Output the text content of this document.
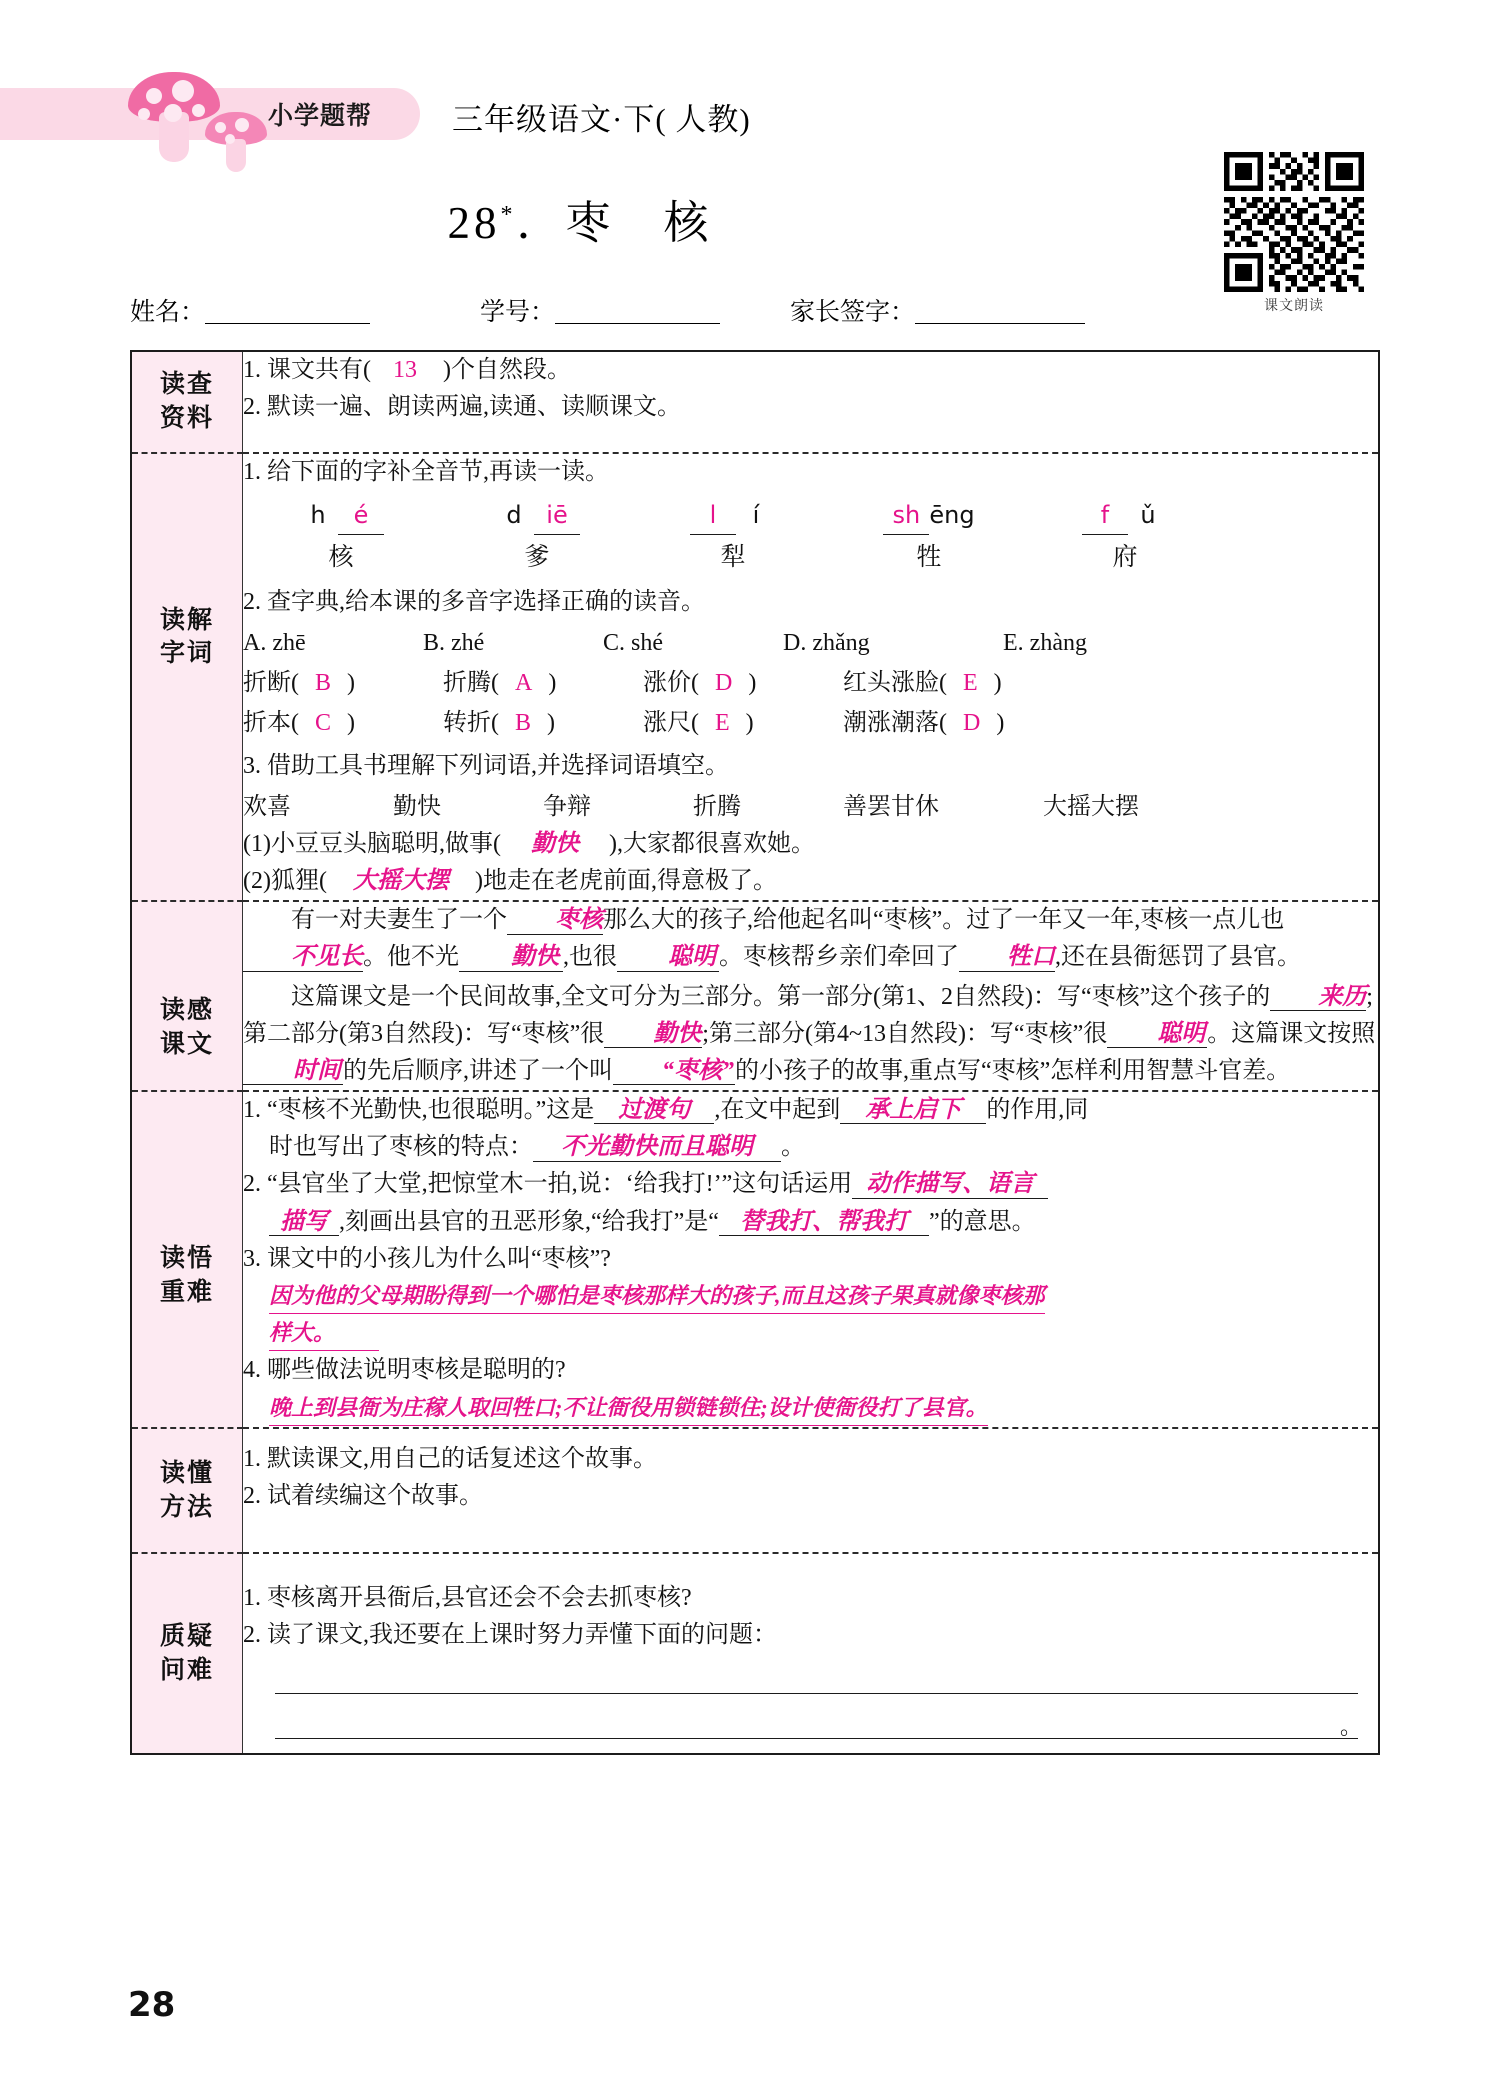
小学题帮	三年级语文·下( 人教)
28*．枣　核
课文朗读
姓名：	学号：	家长签字：
读查
资料

1. 课文共有( 13 )个自然段。
2. 默读一遍、朗读两遍,读通、读顺课文。

读解
字词

1. 给下面的字补全音节,再读一读。
h é
核
d iē
爹
l í
犁
sh ēng
牲
f ǔ
府
2. 查字典,给本课的多音字选择正确的读音。
A. zhē	B. zhé	C. shé	D. zhǎng	E. zhàng
折断( B )	折腾( A )	涨价( D )	红头涨脸( E )
折本( C )	转折( B )	涨尺( E )	潮涨潮落( D )
3. 借助工具书理解下列词语,并选择词语填空。
欢喜	勤快	争辩	折腾	善罢甘休	大摇大摆
(1)小豆豆头脑聪明,做事( 勤快 ),大家都很喜欢她。
(2)狐狸( 大摇大摆 )地走在老虎前面,得意极了。

读感
课文

有一对夫妻生了一个 枣核那么大的孩子,给他起名叫“枣核”。过了一年又一年,枣核一点儿也不见长。他不光 勤快 ,也很 聪明 。枣核帮乡亲们牵回了 牲口,还在县衙惩罚了县官。
这篇课文是一个民间故事,全文可分为三部分。第一部分(第1、2自然段)：写“枣核”这个孩子的 来历;第二部分(第3自然段)：写“枣核”很 勤快;第三部分(第4~13自然段)：写“枣核”很 聪明。这篇课文按照时间的先后顺序,讲述了一个叫 “枣核”的小孩子的故事,重点写“枣核”怎样利用智慧斗官差。

读悟
重难

1. “枣核不光勤快,也很聪明。”这是 过渡句 ,在文中起到 承上启下 的作用,同
时也写出了枣核的特点： 不光勤快而且聪明 。
2. “县官坐了大堂,把惊堂木一拍,说：‘给我打!’”这句话运用 动作描写、语言
描写 ,刻画出县官的丑恶形象,“给我打”是“ 替我打、帮我打 ”的意思。
3. 课文中的小孩儿为什么叫“枣核”?
因为他的父母期盼得到一个哪怕是枣核那样大的孩子,而且这孩子果真就像枣核那
样大。
4. 哪些做法说明枣核是聪明的?
晚上到县衙为庄稼人取回牲口;不让衙役用锁链锁住;设计使衙役打了县官。

读懂
方法

1. 默读课文,用自己的话复述这个故事。
2. 试着续编这个故事。

质疑
问难

1. 枣核离开县衙后,县官还会不会去抓枣核?
2. 读了课文,我还要在上课时努力弄懂下面的问题：
。
28
